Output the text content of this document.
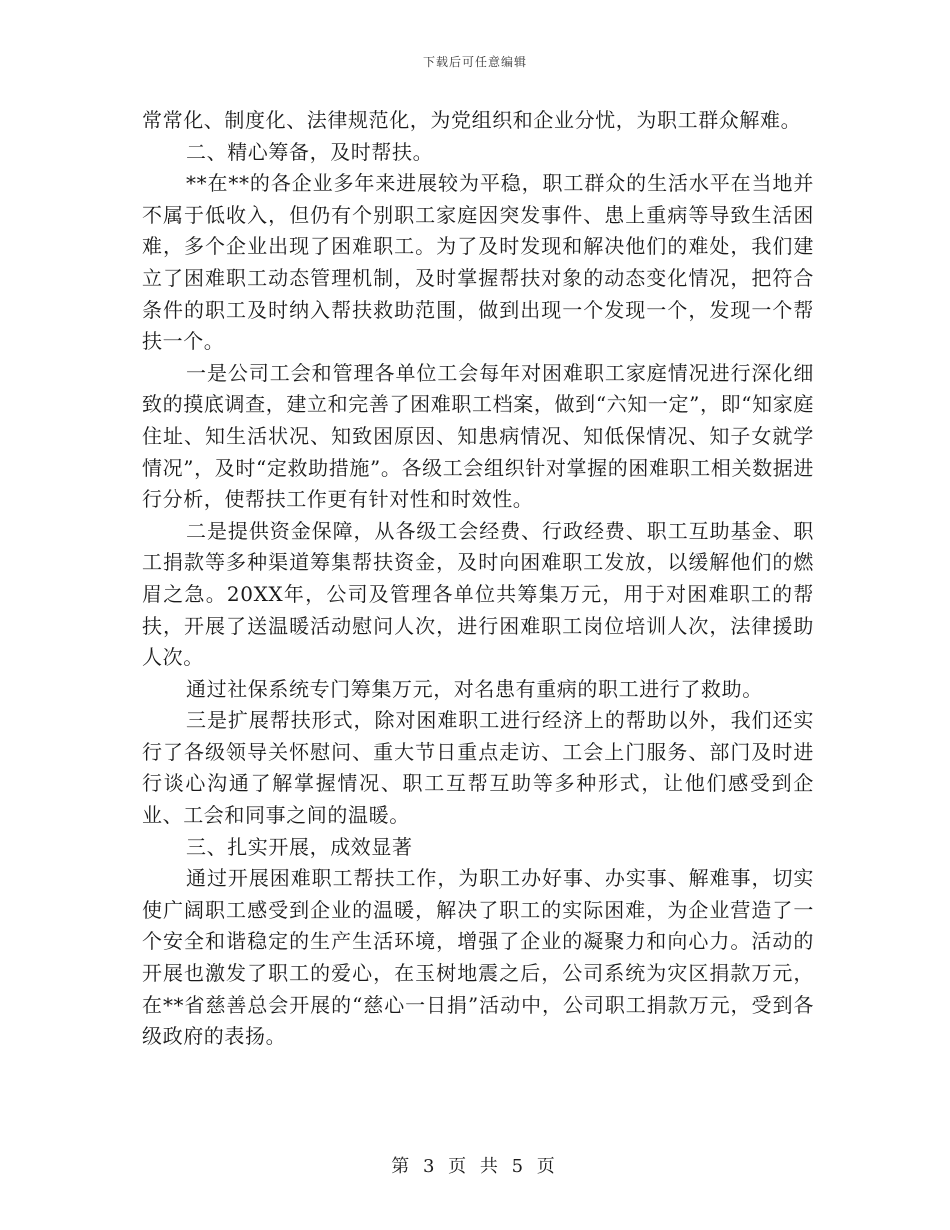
下载后可任意编辑

常常化、制度化、法律规范化，为党组织和企业分忧，为职工群众解难。

二、精心筹备，及时帮扶。

**在**的各企业多年来进展较为平稳，职工群众的生活水平在当地并不属于低收入，但仍有个别职工家庭因突发事件、患上重病等导致生活困难，多个企业出现了困难职工。为了及时发现和解决他们的难处，我们建立了困难职工动态管理机制，及时掌握帮扶对象的动态变化情况，把符合条件的职工及时纳入帮扶救助范围，做到出现一个发现一个，发现一个帮扶一个。

一是公司工会和管理各单位工会每年对困难职工家庭情况进行深化细致的摸底调查，建立和完善了困难职工档案，做到“六知一定”，即“知家庭住址、知生活状况、知致困原因、知患病情况、知低保情况、知子女就学情况”，及时“定救助措施”。各级工会组织针对掌握的困难职工相关数据进行分析，使帮扶工作更有针对性和时效性。

二是提供资金保障，从各级工会经费、行政经费、职工互助基金、职工捐款等多种渠道筹集帮扶资金，及时向困难职工发放，以缓解他们的燃眉之急。20XX年，公司及管理各单位共筹集万元，用于对困难职工的帮扶，开展了送温暖活动慰问人次，进行困难职工岗位培训人次，法律援助人次。

通过社保系统专门筹集万元，对名患有重病的职工进行了救助。

三是扩展帮扶形式，除对困难职工进行经济上的帮助以外，我们还实行了各级领导关怀慰问、重大节日重点走访、工会上门服务、部门及时进行谈心沟通了解掌握情况、职工互帮互助等多种形式，让他们感受到企业、工会和同事之间的温暖。

三、扎实开展，成效显著

通过开展困难职工帮扶工作，为职工办好事、办实事、解难事，切实使广阔职工感受到企业的温暖，解决了职工的实际困难，为企业营造了一个安全和谐稳定的生产生活环境，增强了企业的凝聚力和向心力。活动的开展也激发了职工的爱心，在玉树地震之后，公司系统为灾区捐款万元，在**省慈善总会开展的“慈心一日捐”活动中，公司职工捐款万元，受到各级政府的表扬。

第 3 页 共 5 页
